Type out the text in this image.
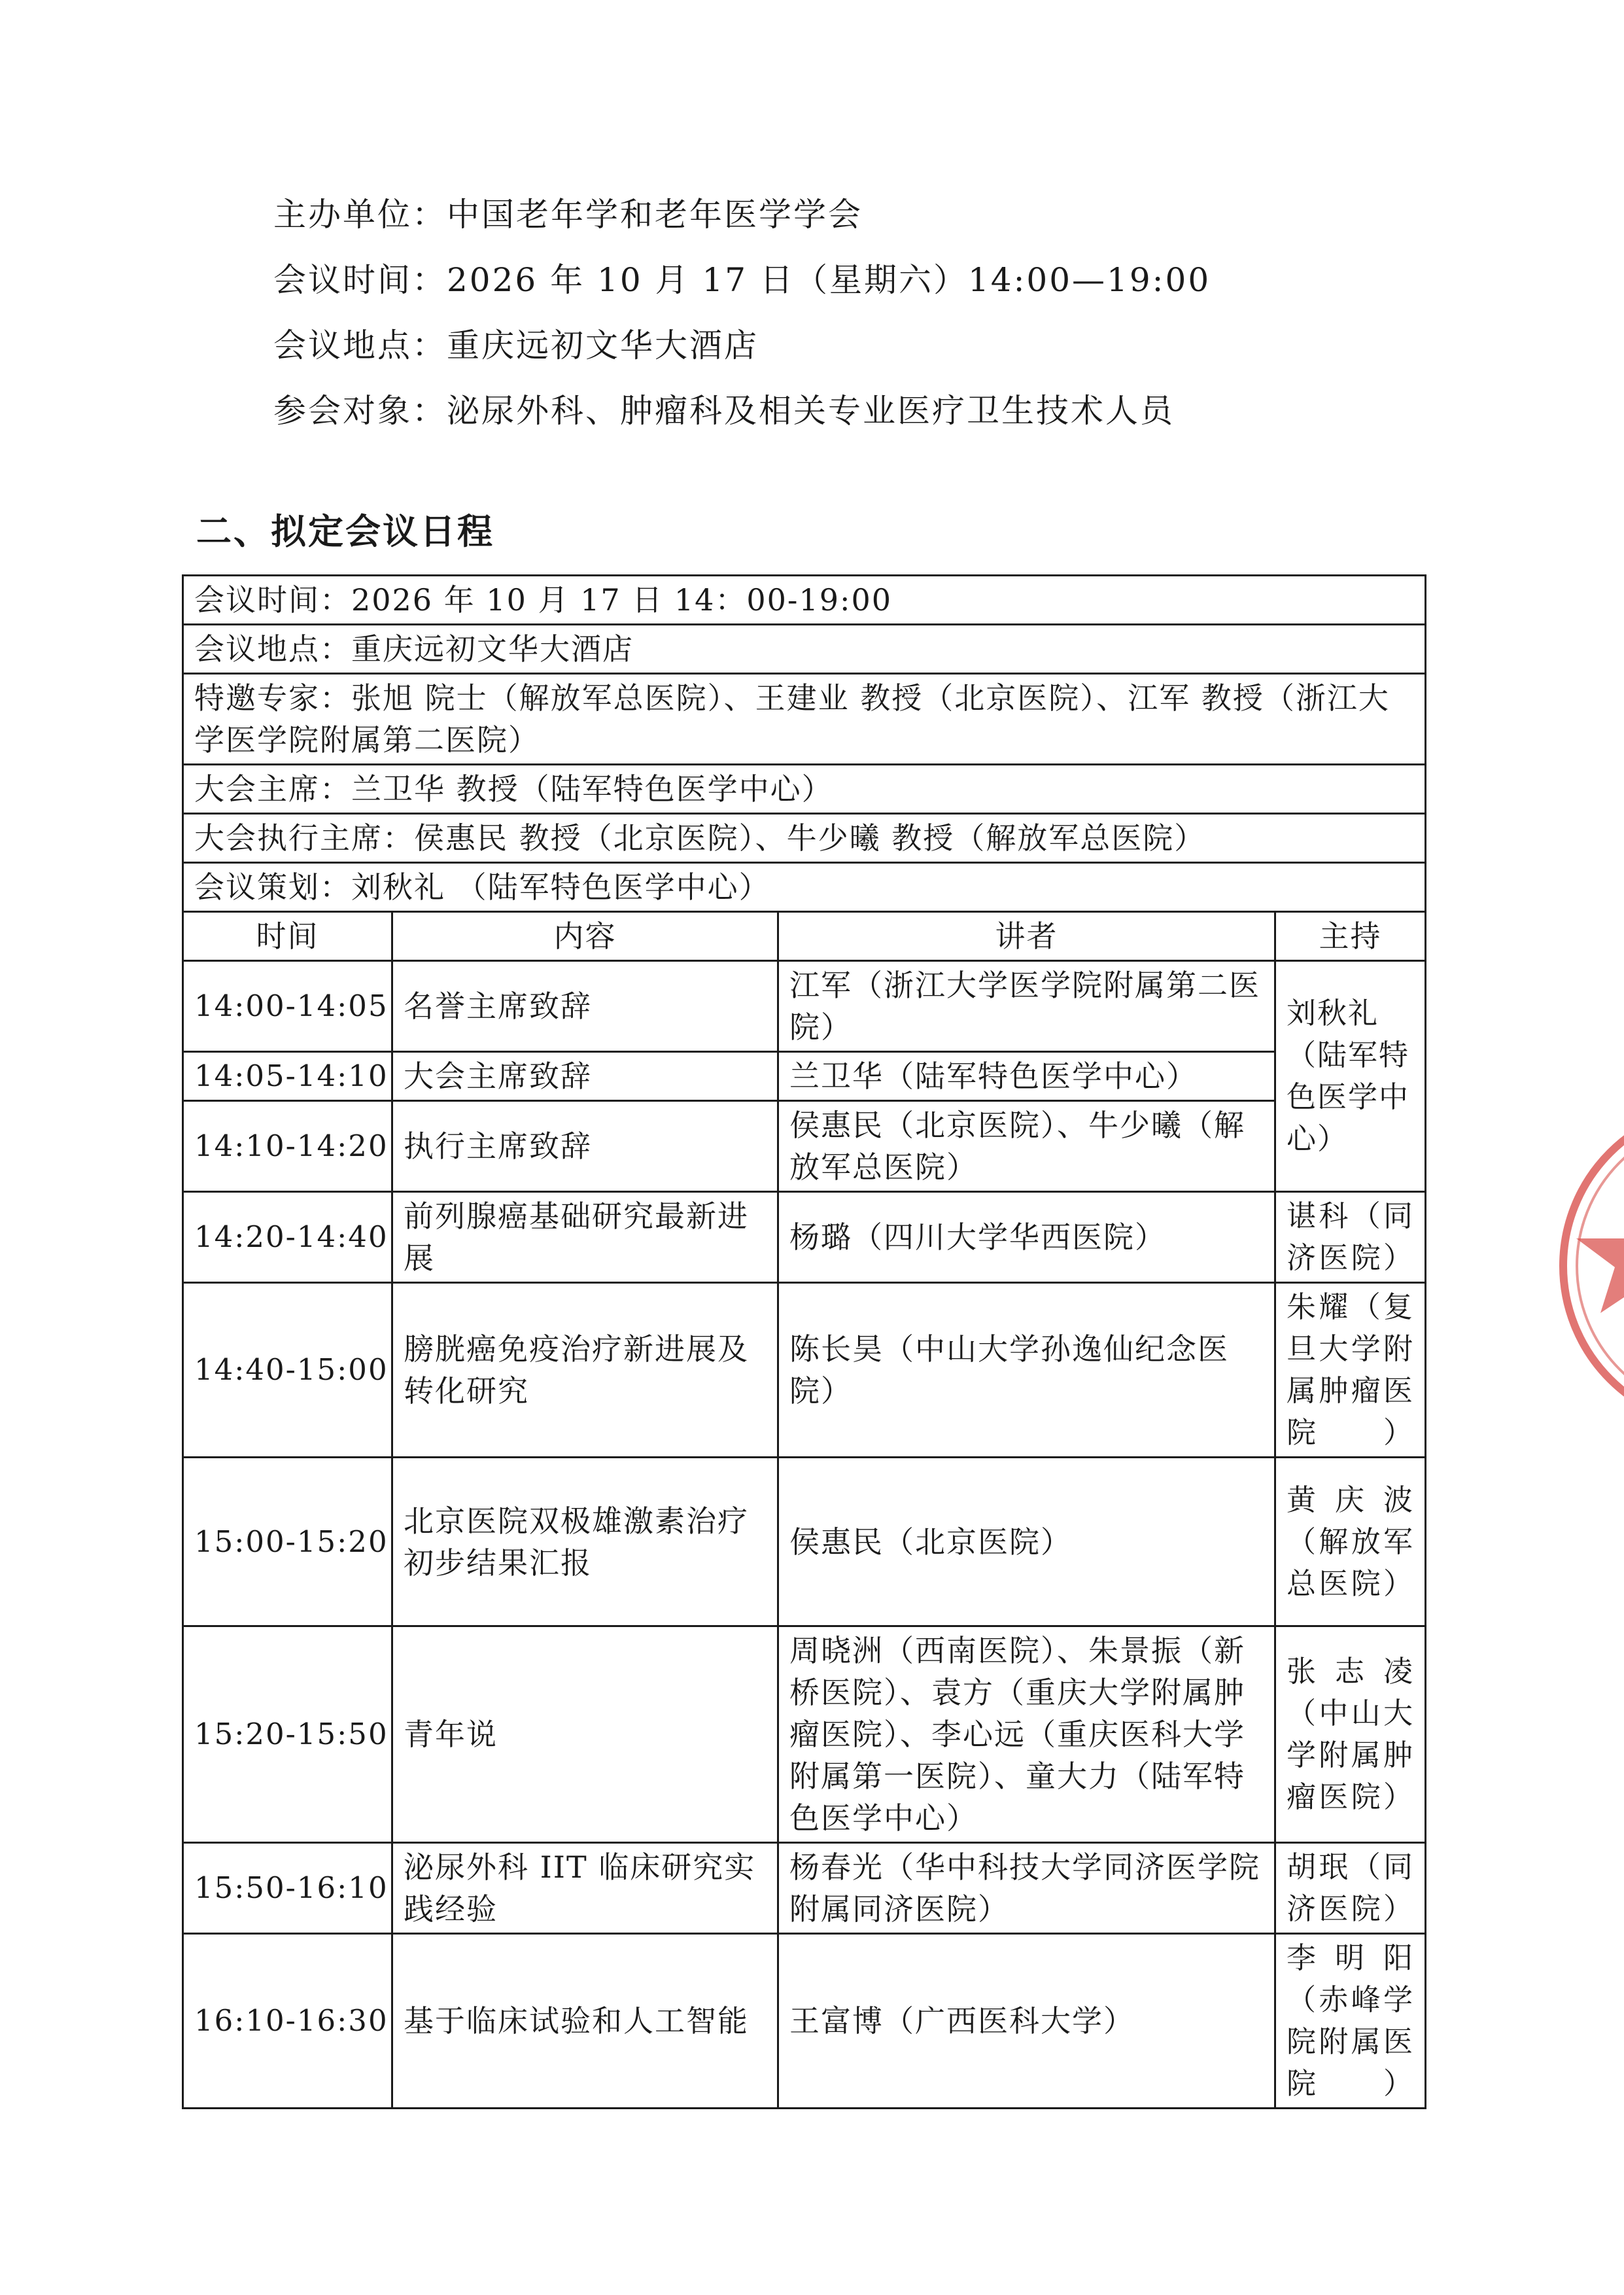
主办单位：中国老年学和老年医学学会
会议时间：2026 年 10 月 17 日（星期六）14:00—19:00
会议地点：重庆远初文华大酒店
参会对象：泌尿外科、肿瘤科及相关专业医疗卫生技术人员
二、拟定会议日程
会议时间：2026 年 10 月 17 日 14：00-19:00			
会议地点：重庆远初文华大酒店			
特邀专家：张旭 院士（解放军总医院）、王建业 教授（北京医院）、江军 教授（浙江大学医学院附属第二医院）			
大会主席：兰卫华 教授（陆军特色医学中心）			
大会执行主席：侯惠民 教授（北京医院）、牛少曦 教授（解放军总医院）			
会议策划：刘秋礼 （陆军特色医学中心）			
时间	内容	讲者	主持
14:00-14:05	名誉主席致辞	江军（浙江大学医学院附属第二医院）	刘秋礼（陆军特色医学中心）
14:05-14:10	大会主席致辞	兰卫华（陆军特色医学中心）	
14:10-14:20	执行主席致辞	侯惠民（北京医院）、牛少曦（解放军总医院）	
14:20-14:40	前列腺癌基础研究最新进展	杨璐（四川大学华西医院）	谌科（同济医院）
14:40-15:00	膀胱癌免疫治疗新进展及转化研究	陈长昊（中山大学孙逸仙纪念医院）	朱耀（复旦大学附属肿瘤医院）
15:00-15:20	北京医院双极雄激素治疗初步结果汇报	侯惠民（北京医院）	黄庆波（解放军总医院）
15:20-15:50	青年说	周晓洲（西南医院）、朱景振（新桥医院）、袁方（重庆大学附属肿瘤医院）、李心远（重庆医科大学附属第一医院）、童大力（陆军特色医学中心）	张志凌（中山大学附属肿瘤医院）
15:50-16:10	泌尿外科 IIT 临床研究实践经验	杨春光（华中科技大学同济医学院附属同济医院）	胡珉（同济医院）
16:10-16:30	基于临床试验和人工智能	王富博（广西医科大学）	李明阳（赤峰学院附属医院）
